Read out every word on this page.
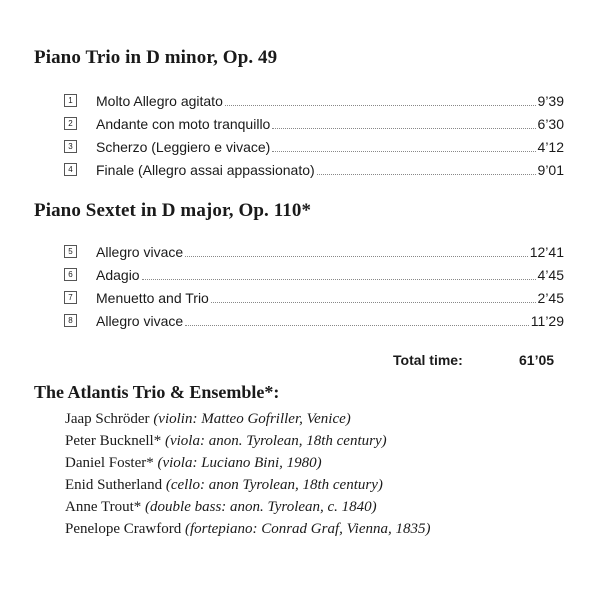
Piano Trio in D minor, Op. 49
1	Molto Allegro agitato	9’39
2	Andante con moto tranquillo	6’30
3	Scherzo (Leggiero e vivace)	4’12
4	Finale (Allegro assai appassionato)	9’01
Piano Sextet in D major, Op. 110*
5	Allegro vivace	12’41
6	Adagio	4’45
7	Menuetto and Trio	2’45
8	Allegro vivace	11’29
Total time:	61’05
The Atlantis Trio & Ensemble*:
Jaap Schröder (violin: Matteo Gofriller, Venice)
Peter Bucknell* (viola: anon. Tyrolean, 18th century)
Daniel Foster* (viola: Luciano Bini, 1980)
Enid Sutherland (cello: anon Tyrolean, 18th century)
Anne Trout* (double bass: anon. Tyrolean, c. 1840)
Penelope Crawford (fortepiano: Conrad Graf, Vienna, 1835)
